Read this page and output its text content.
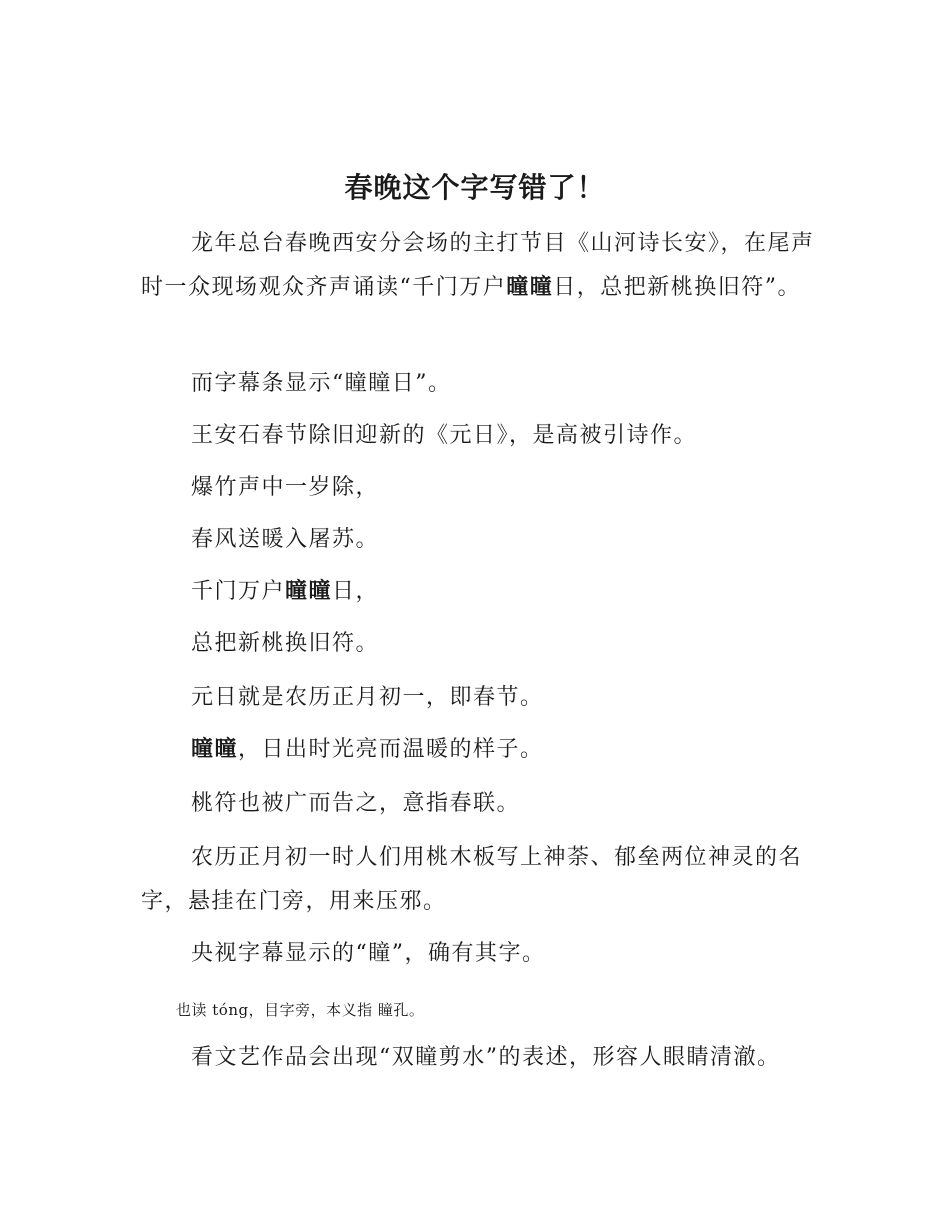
春晚这个字写错了！

龙年总台春晚西安分会场的主打节目《山河诗长安》，在尾声时一众现场观众齐声诵读“千门万户曈曈日，总把新桃换旧符”。

而字幕条显示“瞳瞳日”。

王安石春节除旧迎新的《元日》，是高被引诗作。

爆竹声中一岁除，

春风送暖入屠苏。

千门万户曈曈日，

总把新桃换旧符。

元日就是农历正月初一，即春节。

曈曈，日出时光亮而温暖的样子。

桃符也被广而告之，意指春联。

农历正月初一时人们用桃木板写上神荼、郁垒两位神灵的名字，悬挂在门旁，用来压邪。

央视字幕显示的“瞳”，确有其字。

看文艺作品会出现“双瞳剪水”的表述，形容人眼睛清澈。

也读 tóng，目字旁，本义指 瞳孔。
